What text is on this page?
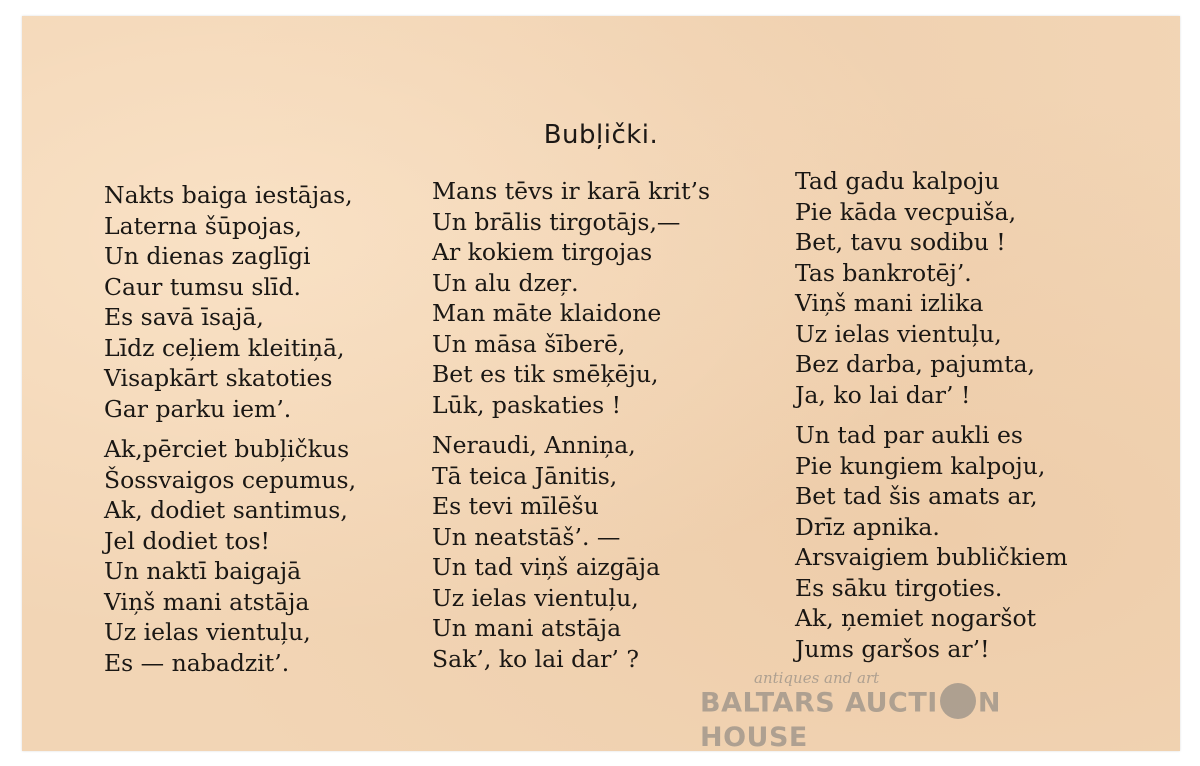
Bubļički.
Nakts baiga iestājas,
Laterna šūpojas,
Un dienas zaglīgi
Caur tumsu slīd.
Es savā īsajā,
Līdz ceļiem kleitiņā,
Visapkārt skatoties
Gar parku iem’.
Ak,pērciet bubļičkus
Šossvaigos cepumus,
Ak, dodiet santimus,
Jel dodiet tos!
Un naktī baigajā
Viņš mani atstāja
Uz ielas vientuļu,
Es — nabadzit’.
Mans tēvs ir karā krit’s
Un brālis tirgotājs,—
Ar kokiem tirgojas
Un alu dzeŗ.
Man māte klaidone
Un māsa šīberē,
Bet es tik smēķēju,
Lūk, paskaties !
Neraudi, Anniņa,
Tā teica Jānitis,
Es tevi mīlēšu
Un neatstāš’. —
Un tad viņš aizgāja
Uz ielas vientuļu,
Un mani atstāja
Sak’, ko lai dar’ ?
Tad gadu kalpoju
Pie kāda vecpuiša,
Bet, tavu sodibu !
Tas bankrotēj’.
Viņš mani izlika
Uz ielas vientuļu,
Bez darba, pajumta,
Ja, ko lai dar’ !
Un tad par aukli es
Pie kungiem kalpoju,
Bet tad šis amats ar,
Drīz apnika.
Arsvaigiem bubličkiem
Es sāku tirgoties.
Ak, ņemiet nogaršot
Jums garšos ar’!
antiques and art
BALTARS AUCTI N HOUSE
